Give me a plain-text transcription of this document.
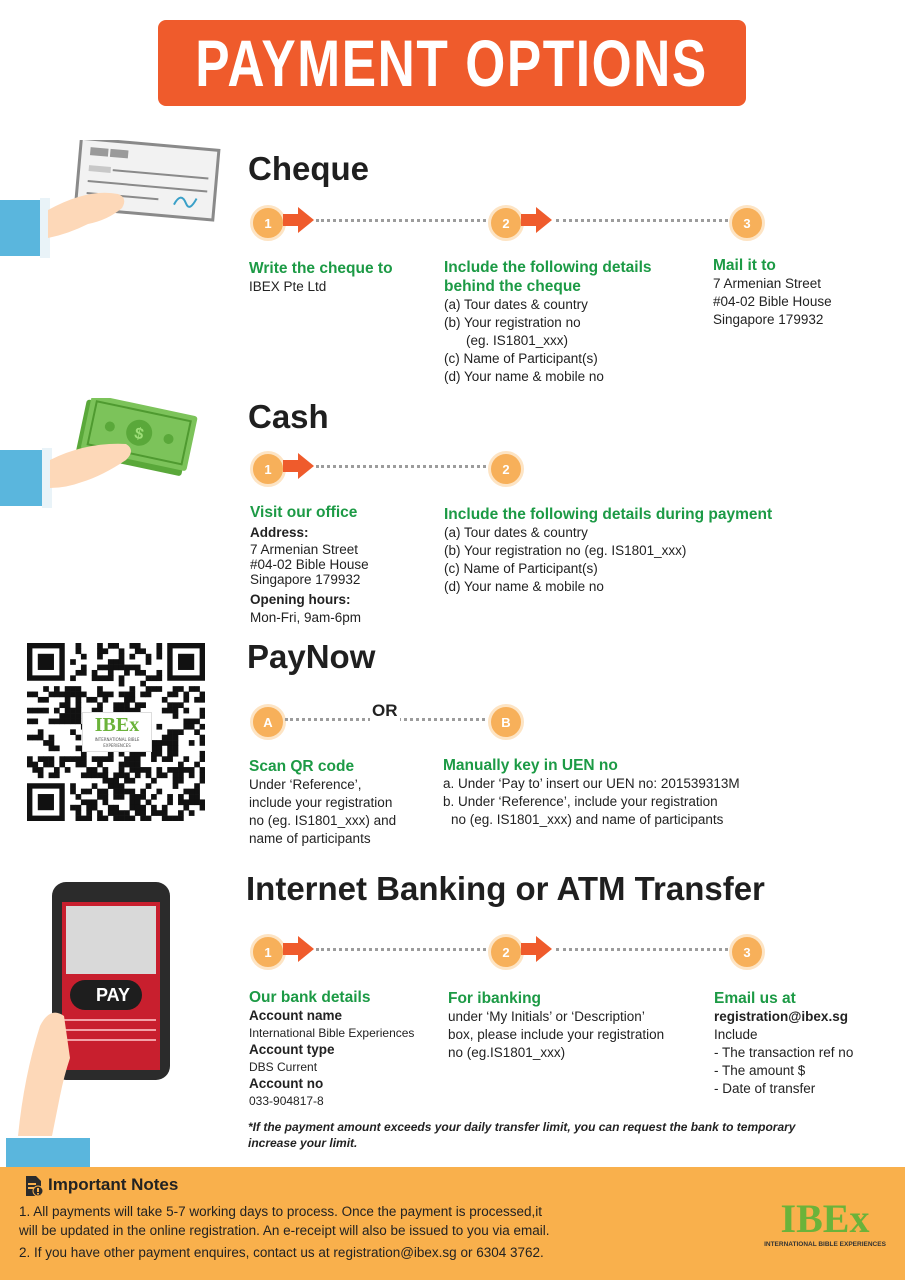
PAYMENT OPTIONS
Cheque
1	2	3
Write the cheque to
IBEX Pte Ltd
Include the following details
behind the cheque
(a) Tour dates & country
(b) Your registration no
(eg. IS1801_xxx)
(c) Name of Participant(s)
(d) Your name & mobile no
Mail it to
7 Armenian Street
#04-02 Bible House
Singapore 179932
$	Cash
1	2
Visit our office
Address:
7 Armenian Street
#04-02 Bible House
Singapore 179932
Opening hours:
Mon-Fri, 9am-6pm
Include the following details during payment
(a) Tour dates & country
(b) Your registration no (eg. IS1801_xxx)
(c) Name of Participant(s)
(d) Your name & mobile no
IBEx
INTERNATIONAL BIBLE EXPERIENCES
PayNow
A
OR
B
Scan QR code
Under ‘Reference’,
include your registration
no (eg. IS1801_xxx) and
name of participants
Manually key in UEN no
a. Under ‘Pay to’ insert our UEN no: 201539313M
b. Under ‘Reference’, include your registration
no (eg. IS1801_xxx) and name of participants
PAY
Internet Banking or ATM Transfer
1	2	3
Our bank details
Account name
International Bible Experiences
Account type
DBS Current
Account no
033-904817-8
For ibanking
under ‘My Initials’ or ‘Description’
box, please include your registration
no (eg.IS1801_xxx)
Email us at
registration@ibex.sg
Include
- The transaction ref no
- The amount $
- Date of transfer
*If the payment amount exceeds your daily transfer limit, you can request the bank to temporary
increase your limit.
Important Notes
1. All payments will take 5-7 working days to process. Once the payment is processed,it
will be updated in the online registration. An e-receipt will also be issued to you via email.
2. If you have other payment enquires, contact us at registration@ibex.sg or 6304 3762.
IBEx
INTERNATIONAL BIBLE EXPERIENCES
